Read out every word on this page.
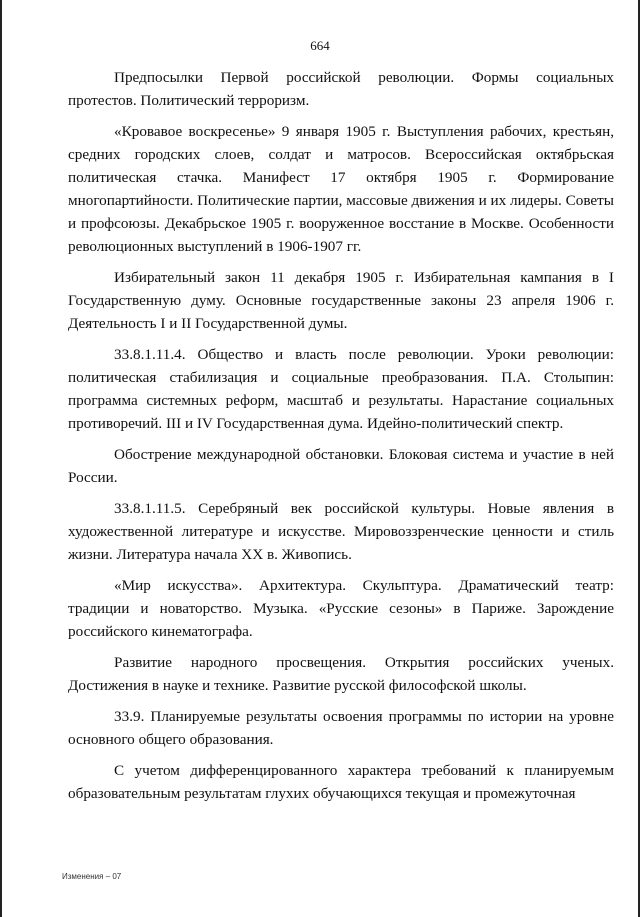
664

Предпосылки Первой российской революции. Формы социальных протестов. Политический терроризм.

«Кровавое воскресенье» 9 января 1905 г. Выступления рабочих, крестьян, средних городских слоев, солдат и матросов. Всероссийская октябрьская политическая стачка. Манифест 17 октября 1905 г. Формирование многопартийности. Политические партии, массовые движения и их лидеры. Советы и профсоюзы. Декабрьское 1905 г. вооруженное восстание в Москве. Особенности революционных выступлений в 1906-1907 гг.

Избирательный закон 11 декабря 1905 г. Избирательная кампания в I Государственную думу. Основные государственные законы 23 апреля 1906 г. Деятельность I и II Государственной думы.

33.8.1.11.4. Общество и власть после революции. Уроки революции: политическая стабилизация и социальные преобразования. П.А. Столыпин: программа системных реформ, масштаб и результаты. Нарастание социальных противоречий. III и IV Государственная дума. Идейно-политический спектр.

Обострение международной обстановки. Блоковая система и участие в ней России.

33.8.1.11.5. Серебряный век российской культуры. Новые явления в художественной литературе и искусстве. Мировоззренческие ценности и стиль жизни. Литература начала XX в. Живопись.

«Мир искусства». Архитектура. Скульптура. Драматический театр: традиции и новаторство. Музыка. «Русские сезоны» в Париже. Зарождение российского кинематографа.

Развитие народного просвещения. Открытия российских ученых. Достижения в науке и технике. Развитие русской философской школы.

33.9. Планируемые результаты освоения программы по истории на уровне основного общего образования.

С учетом дифференцированного характера требований к планируемым образовательным результатам глухих обучающихся текущая и промежуточная

Изменения – 07
